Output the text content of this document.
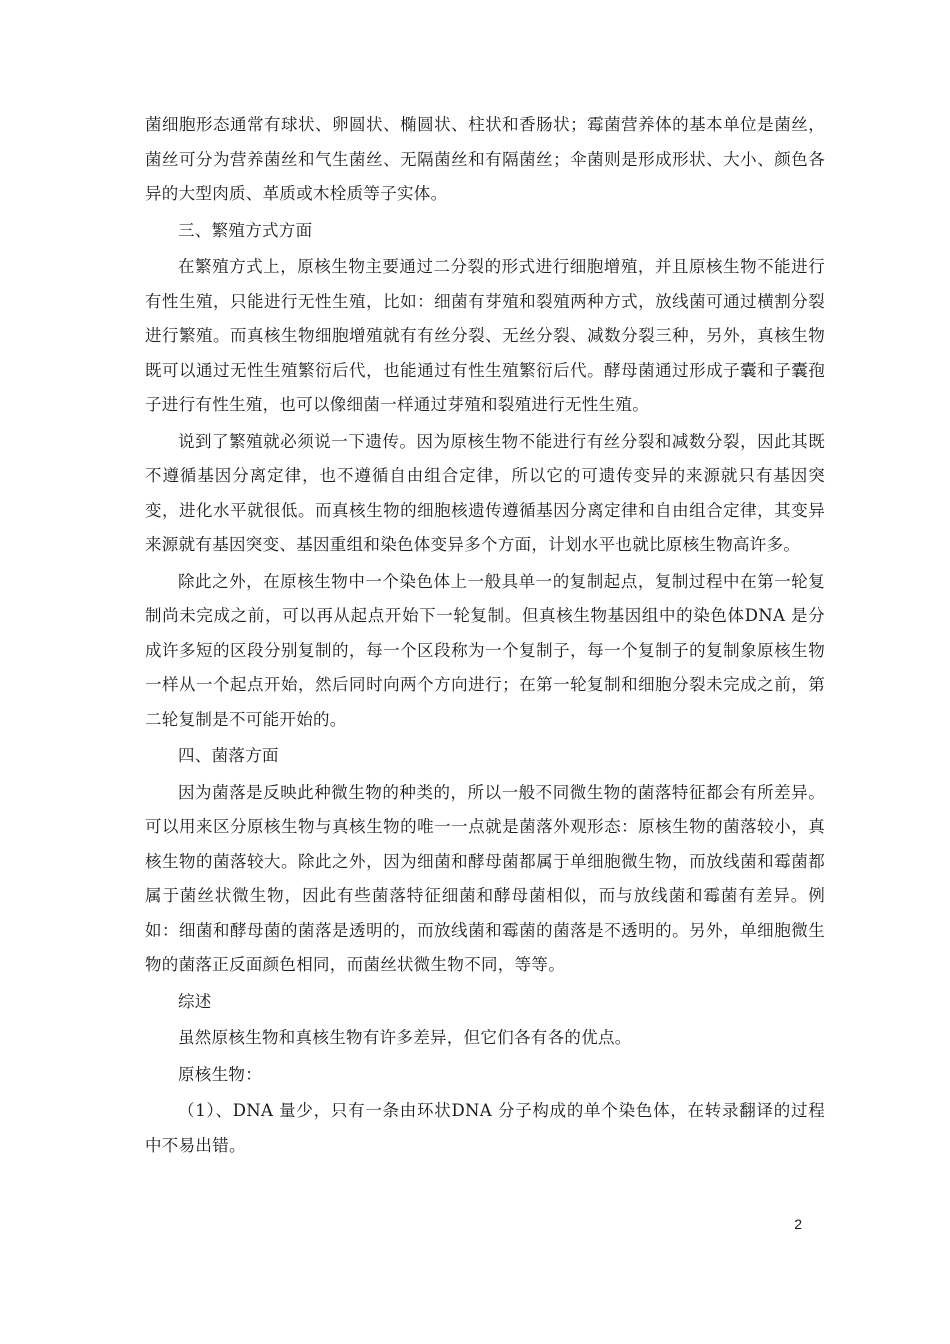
菌细胞形态通常有球状、卵圆状、椭圆状、柱状和香肠状；霉菌营养体的基本单位是菌丝，菌丝可分为营养菌丝和气生菌丝、无隔菌丝和有隔菌丝；伞菌则是形成形状、大小、颜色各异的大型肉质、革质或木栓质等子实体。

三、繁殖方式方面

在繁殖方式上，原核生物主要通过二分裂的形式进行细胞增殖，并且原核生物不能进行有性生殖，只能进行无性生殖，比如：细菌有芽殖和裂殖两种方式，放线菌可通过横割分裂进行繁殖。而真核生物细胞增殖就有有丝分裂、无丝分裂、减数分裂三种，另外，真核生物既可以通过无性生殖繁衍后代，也能通过有性生殖繁衍后代。酵母菌通过形成子囊和子囊孢子进行有性生殖，也可以像细菌一样通过芽殖和裂殖进行无性生殖。

说到了繁殖就必须说一下遗传。因为原核生物不能进行有丝分裂和减数分裂，因此其既不遵循基因分离定律，也不遵循自由组合定律，所以它的可遗传变异的来源就只有基因突变，进化水平就很低。而真核生物的细胞核遗传遵循基因分离定律和自由组合定律，其变异来源就有基因突变、基因重组和染色体变异多个方面，计划水平也就比原核生物高许多。

除此之外，在原核生物中一个染色体上一般具单一的复制起点，复制过程中在第一轮复制尚未完成之前，可以再从起点开始下一轮复制。但真核生物基因组中的染色体DNA 是分成许多短的区段分别复制的，每一个区段称为一个复制子，每一个复制子的复制象原核生物一样从一个起点开始，然后同时向两个方向进行；在第一轮复制和细胞分裂未完成之前，第二轮复制是不可能开始的。

四、菌落方面

因为菌落是反映此种微生物的种类的，所以一般不同微生物的菌落特征都会有所差异。可以用来区分原核生物与真核生物的唯一一点就是菌落外观形态：原核生物的菌落较小，真核生物的菌落较大。除此之外，因为细菌和酵母菌都属于单细胞微生物，而放线菌和霉菌都属于菌丝状微生物，因此有些菌落特征细菌和酵母菌相似，而与放线菌和霉菌有差异。例如：细菌和酵母菌的菌落是透明的，而放线菌和霉菌的菌落是不透明的。另外，单细胞微生物的菌落正反面颜色相同，而菌丝状微生物不同，等等。

综述

虽然原核生物和真核生物有许多差异，但它们各有各的优点。

原核生物：

（1）、DNA 量少，只有一条由环状DNA 分子构成的单个染色体，在转录翻译的过程中不易出错。

2
